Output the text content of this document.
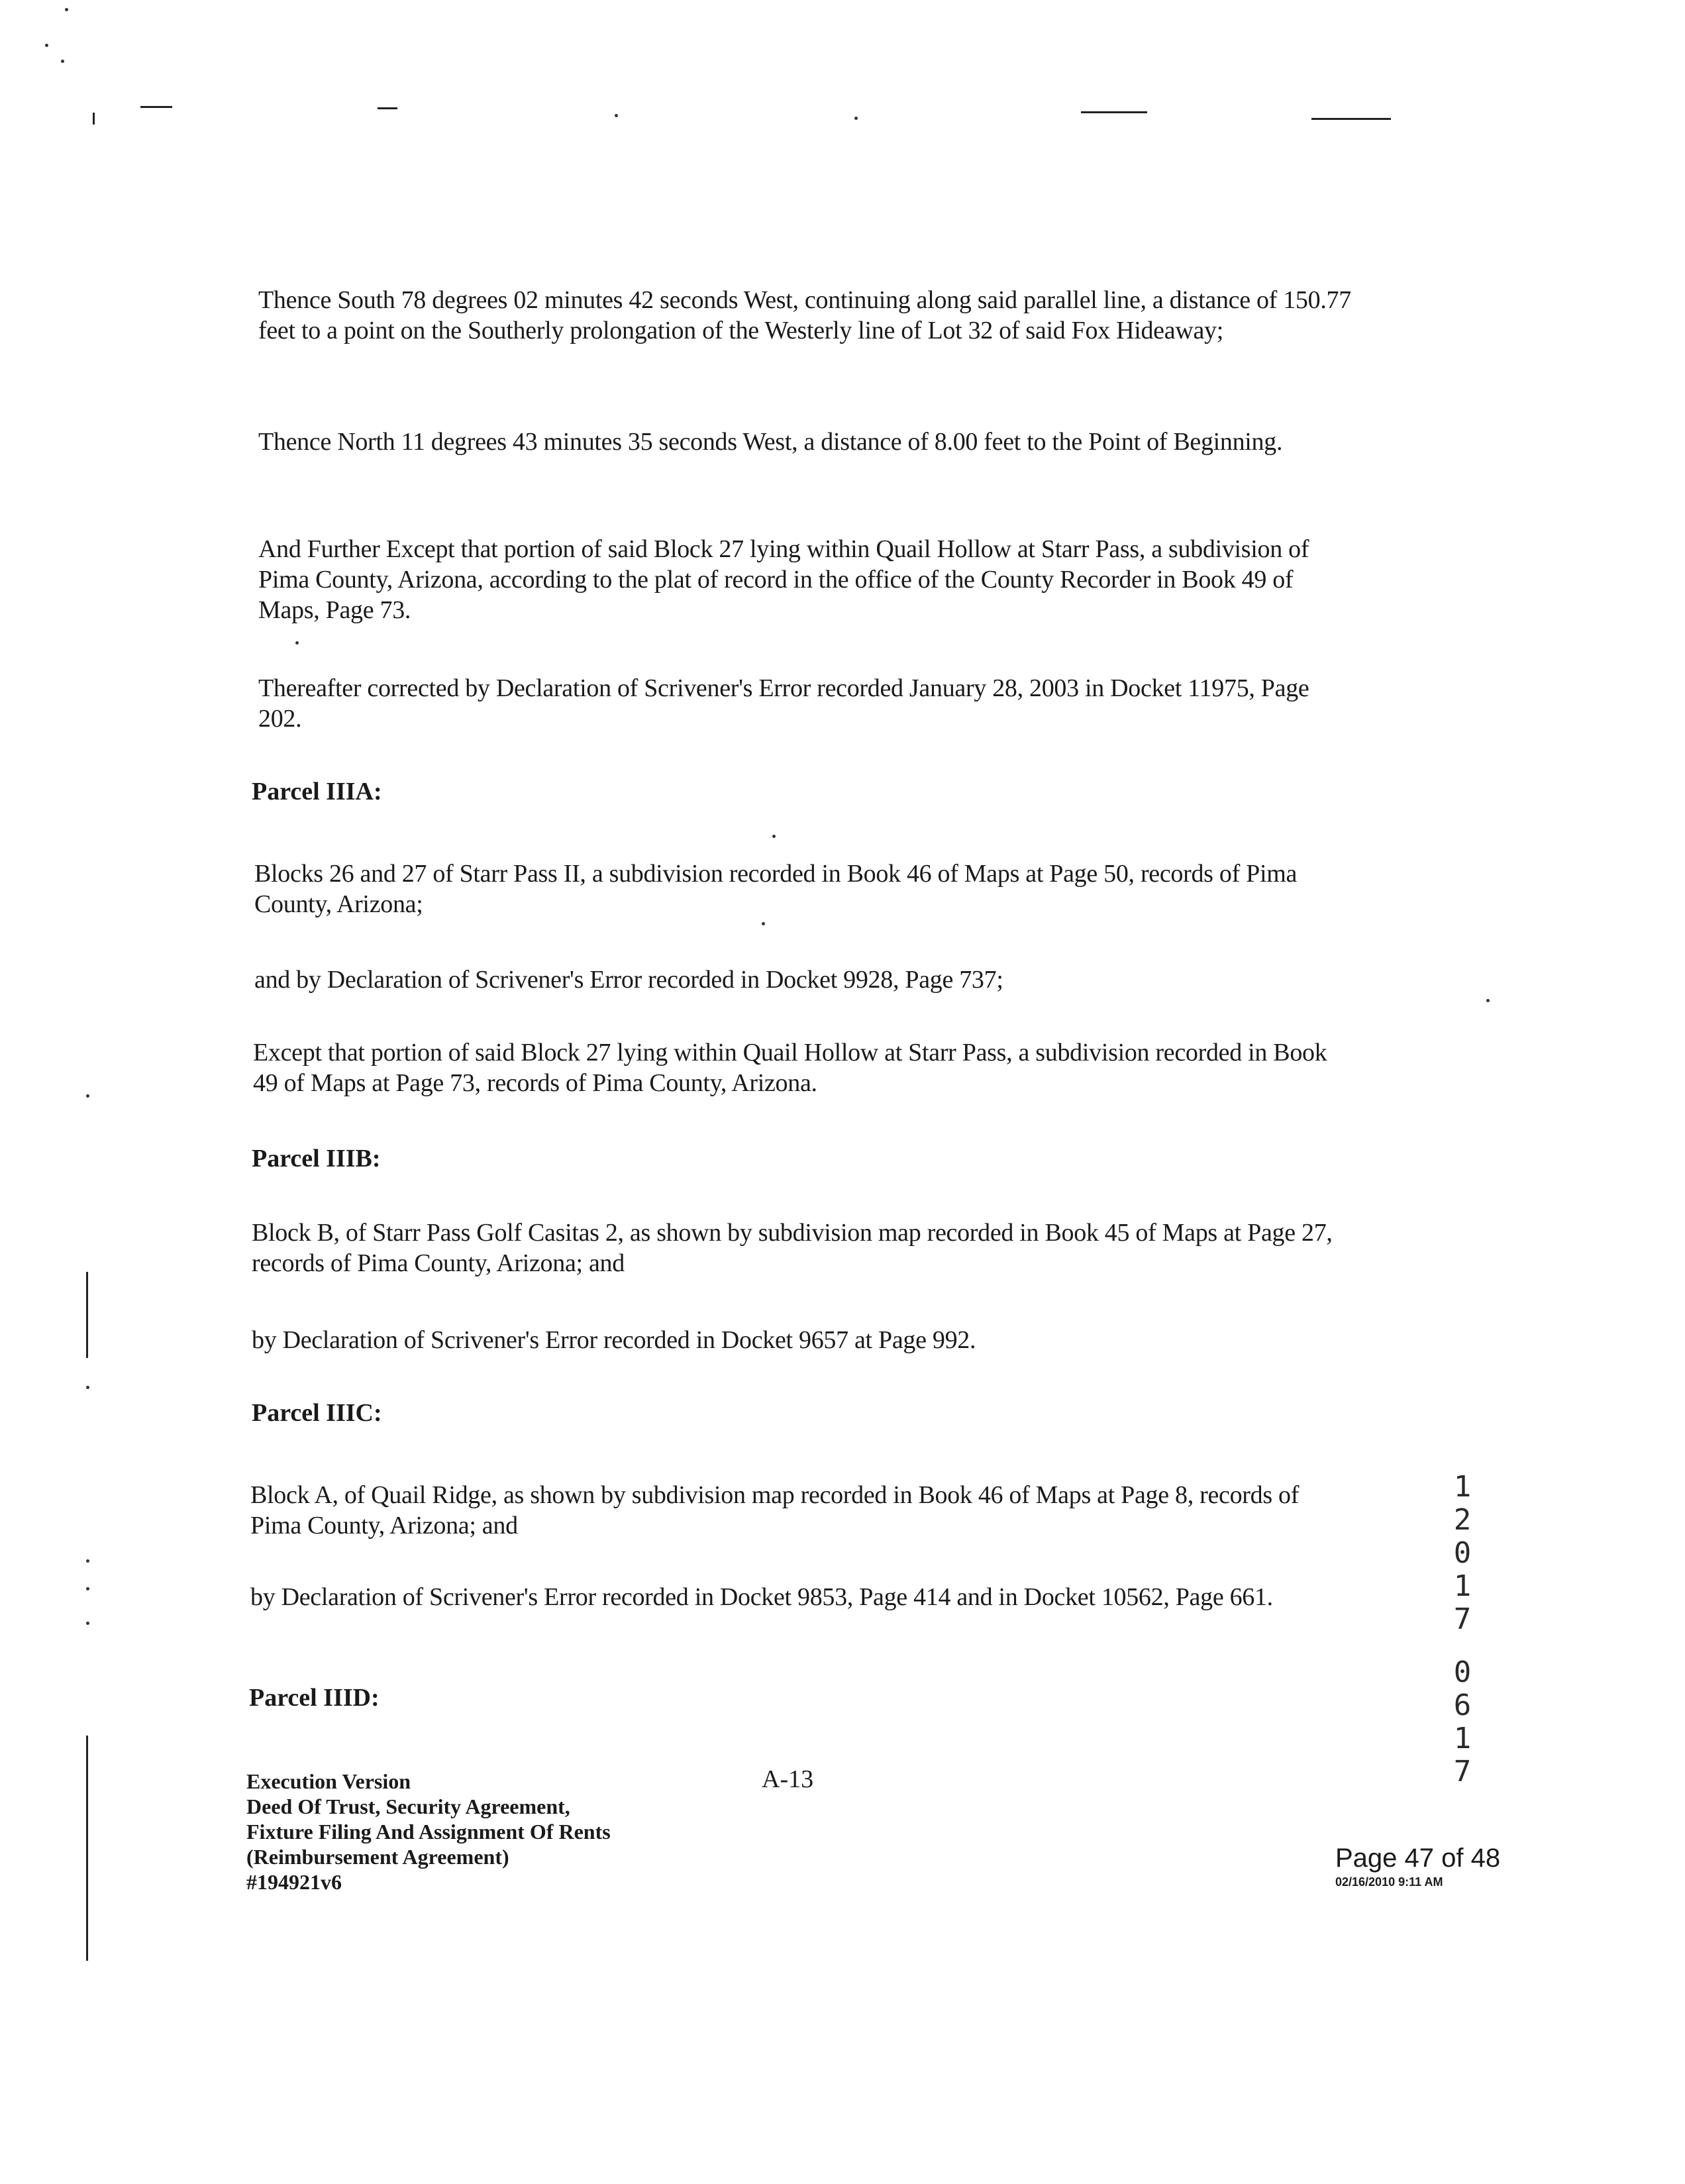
Thence South 78 degrees 02 minutes 42 seconds West, continuing along said parallel line, a distance of 150.77 feet to a point on the Southerly prolongation of the Westerly line of Lot 32 of said Fox Hideaway;

Thence North 11 degrees 43 minutes 35 seconds West, a distance of 8.00 feet to the Point of Beginning.

And Further Except that portion of said Block 27 lying within Quail Hollow at Starr Pass, a subdivision of Pima County, Arizona, according to the plat of record in the office of the County Recorder in Book 49 of Maps, Page 73.

Thereafter corrected by Declaration of Scrivener's Error recorded January 28, 2003 in Docket 11975, Page 202.

Parcel IIIA:

Blocks 26 and 27 of Starr Pass II, a subdivision recorded in Book 46 of Maps at Page 50, records of Pima County, Arizona;

and by Declaration of Scrivener's Error recorded in Docket 9928, Page 737;

Except that portion of said Block 27 lying within Quail Hollow at Starr Pass, a subdivision recorded in Book 49 of Maps at Page 73, records of Pima County, Arizona.

Parcel IIIB:

Block B, of Starr Pass Golf Casitas 2, as shown by subdivision map recorded in Book 45 of Maps at Page 27, records of Pima County, Arizona; and

by Declaration of Scrivener's Error recorded in Docket 9657 at Page 992.

Parcel IIIC:

Block A, of Quail Ridge, as shown by subdivision map recorded in Book 46 of Maps at Page 8, records of Pima County, Arizona; and

by Declaration of Scrivener's Error recorded in Docket 9853, Page 414 and in Docket 10562, Page 661.

Parcel IIID:

1
2
0
1
7
0
6
1
7
Execution Version
Deed Of Trust, Security Agreement,
Fixture Filing And Assignment Of Rents
(Reimbursement Agreement)
#194921v6
A-13
Page 47 of 48
02/16/2010 9:11 AM
